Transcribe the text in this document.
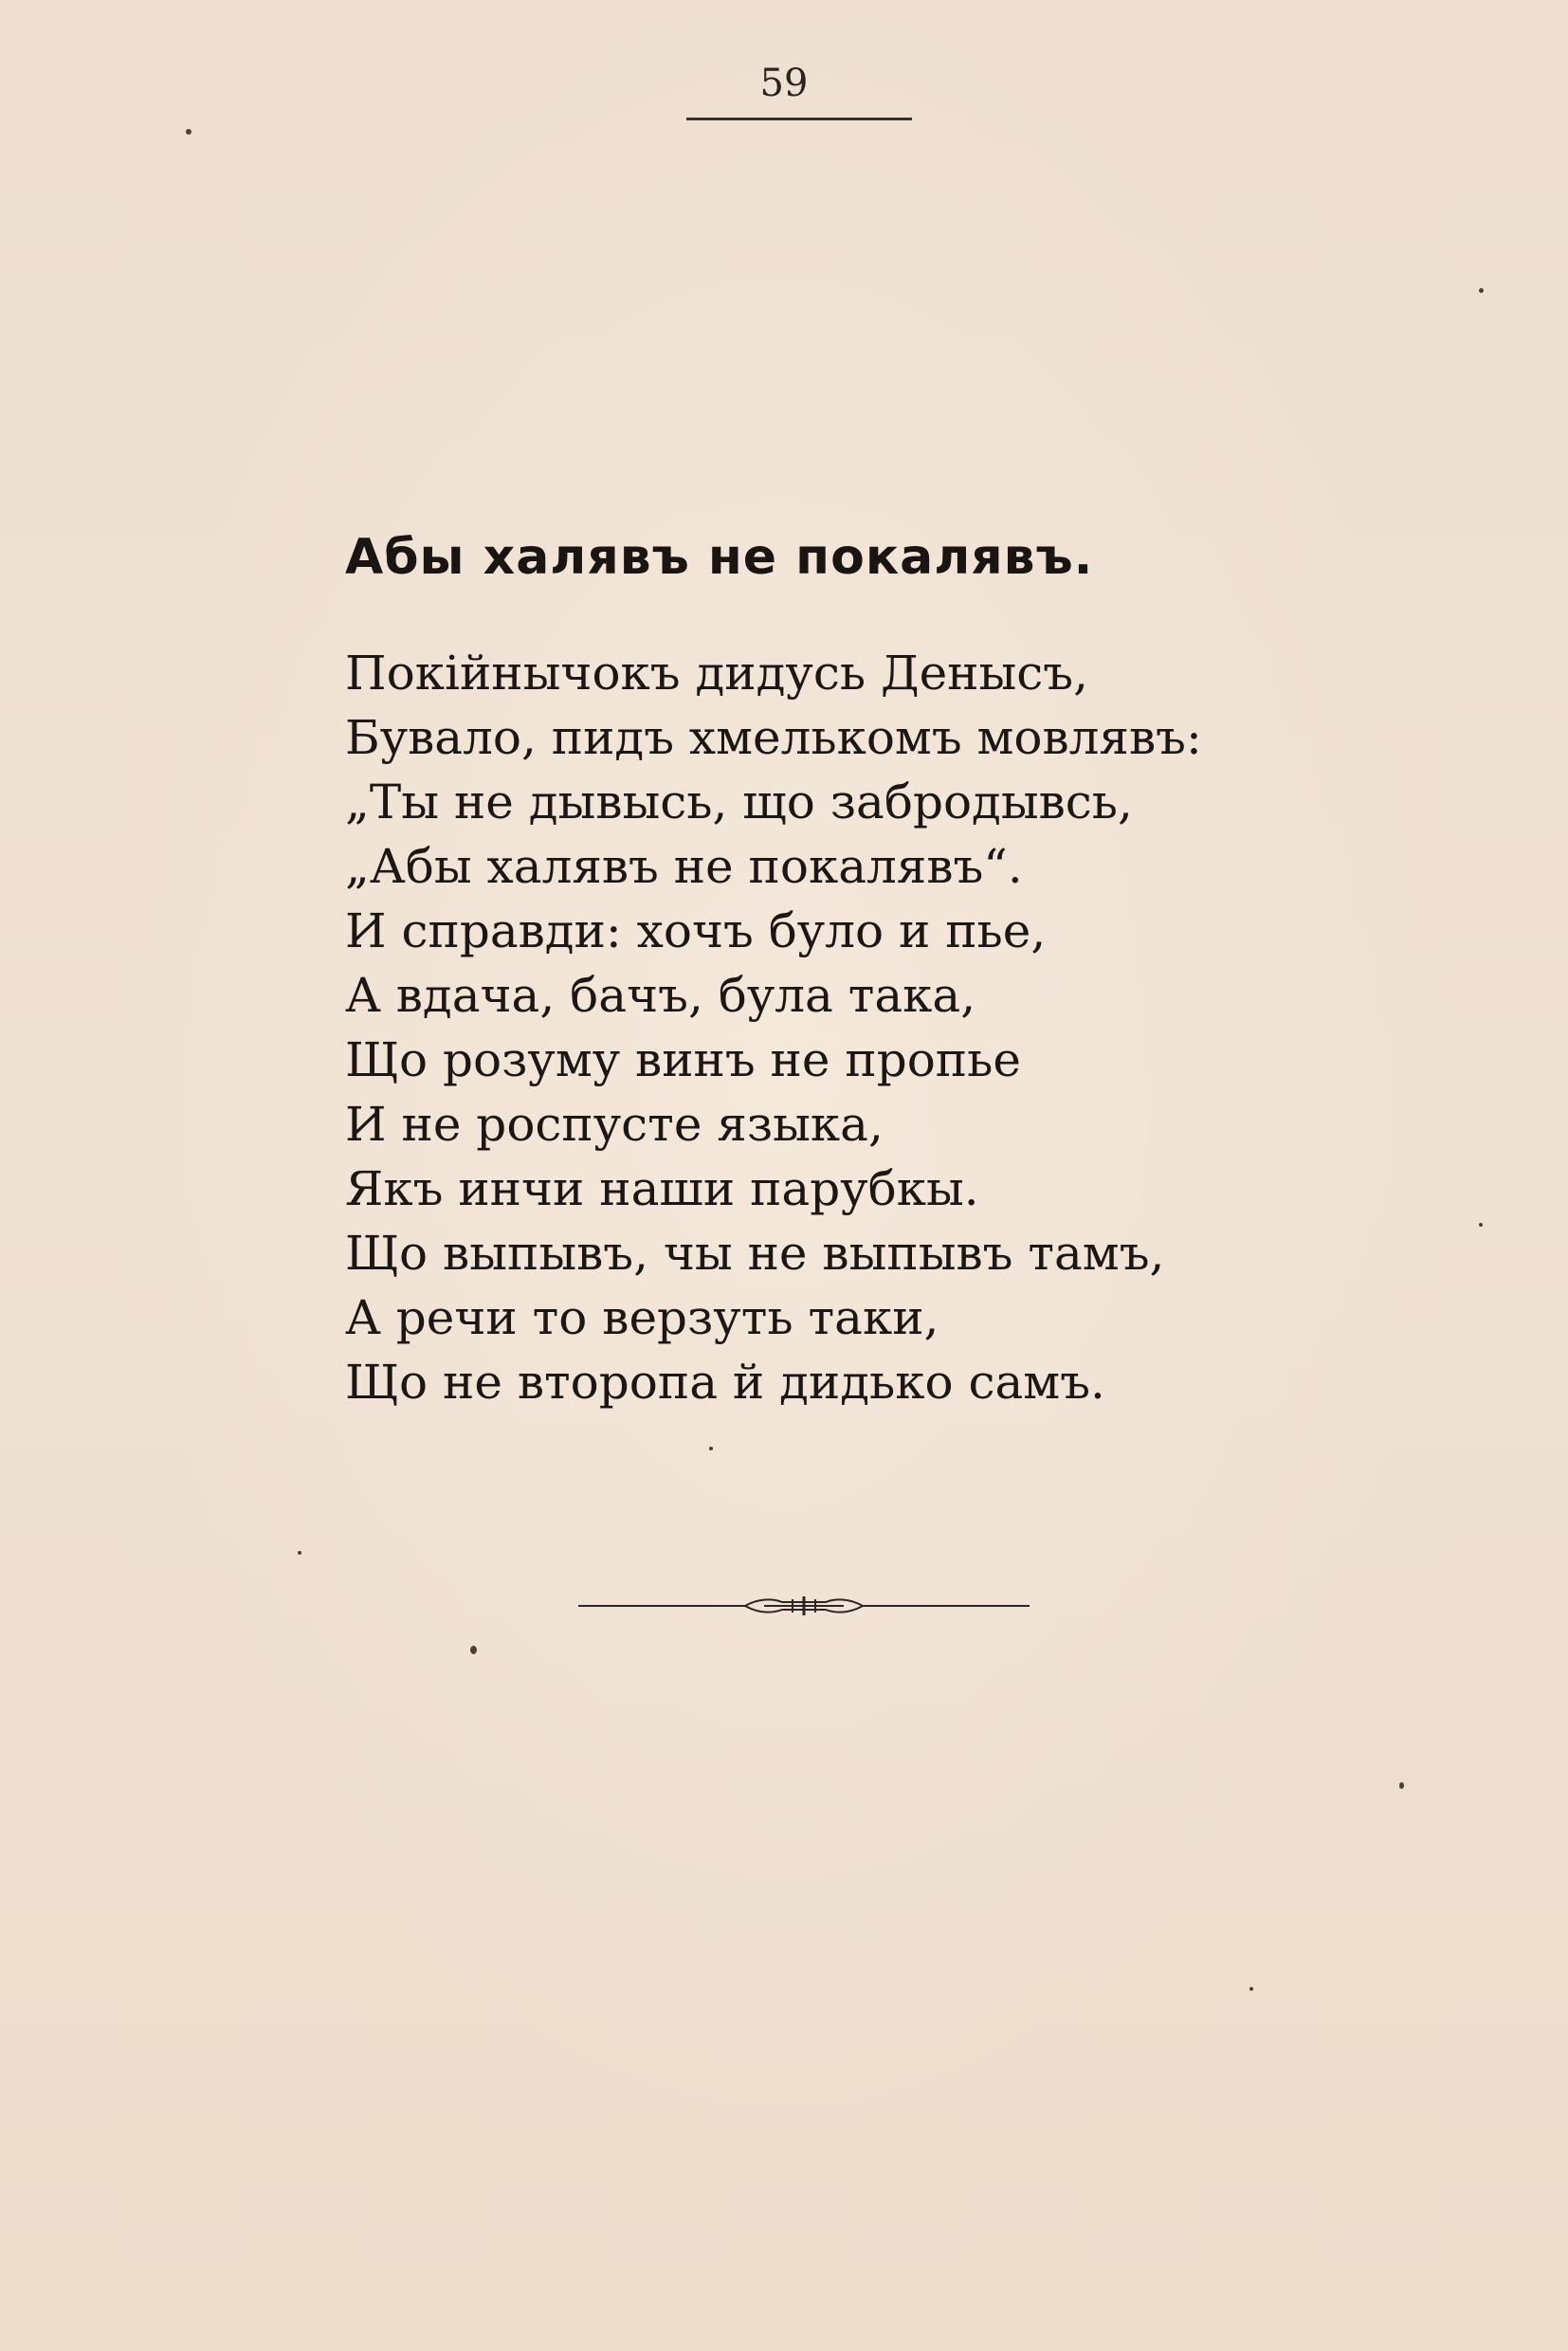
59
Абы халявъ не покалявъ.
Покійнычокъ дидусь Денысъ,
Бувало, пидъ хмелькомъ мовлявъ:
„Ты не дывысь, що забродывсь,
„Абы халявъ не покалявъ“.
И справди: хочъ було и пье,
А вдача, бачъ, була така,
Що розуму винъ не пропье
И не роспусте языка,
Якъ инчи наши парубкы.
Що выпывъ, чы не выпывъ тамъ,
А речи то верзуть таки,
Що не второпа й дидько самъ.
